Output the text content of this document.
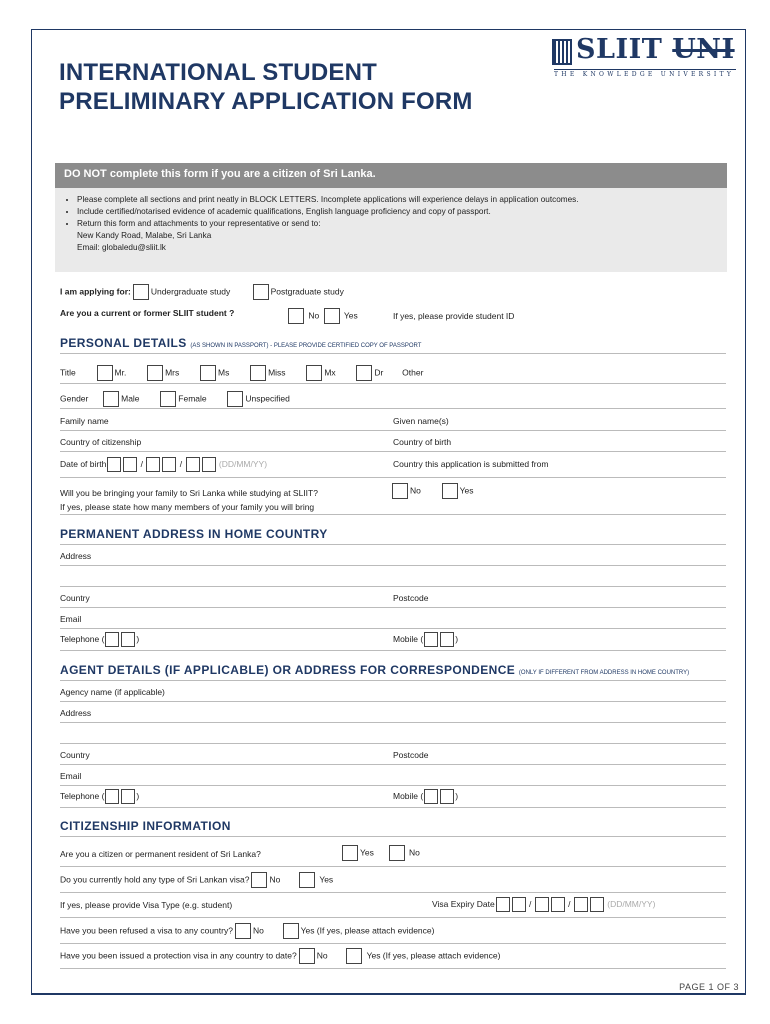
INTERNATIONAL STUDENT
PRELIMINARY APPLICATION FORM
SLIIT UNI
THE KNOWLEDGE UNIVERSITY
DO NOT complete this form if you are a citizen of Sri Lanka.
• Please complete all sections and print neatly in BLOCK LETTERS. Incomplete applications will experience delays in application outcomes.
• Include certified/notarised evidence of academic qualifications, English language proficiency and copy of passport.
• Return this form and attachments to your representative or send to:
New Kandy Road, Malabe, Sri Lanka
Email: globaledu@sliit.lk
I am applying for: Undergraduate study	Postgraduate study
Are you a current or former SLIIT student ?	No	Yes	If yes, please provide student ID
PERSONAL DETAILS (AS SHOWN IN PASSPORT) - PLEASE PROVIDE CERTIFIED COPY OF PASSPORT
Title	Mr.	Mrs	Ms	Miss	Mx	Dr Other
Gender	Male	Female	Unspecified
Family name	Given name(s)
Country of citizenship	Country of birth
Date of birth	/	/	(DD/MM/YY)	Country this application is submitted from
Will you be bringing your family to Sri Lanka while studying at SLIIT?
If yes, please state how many members of your family you will bring
No	Yes
PERMANENT ADDRESS IN HOME COUNTRY
Address
Country	Postcode
Email
Telephone (	)	Mobile (	)
AGENT DETAILS (IF APPLICABLE) OR ADDRESS FOR CORRESPONDENCE (ONLY IF DIFFERENT FROM ADDRESS IN HOME COUNTRY)
Agency name (if applicable)
Address
Country	Postcode
Email
Telephone (	)	Mobile (	)
CITIZENSHIP INFORMATION
Are you a citizen or permanent resident of Sri Lanka?	Yes	No
Do you currently hold any type of Sri Lankan visa? No	Yes
If yes, please provide Visa Type (e.g. student)	Visa Expiry Date	/	/	(DD/MM/YY)
Have you been refused a visa to any country? No	Yes (If yes, please attach evidence)
Have you been issued a protection visa in any country to date? No	Yes (If yes, please attach evidence)
PAGE 1 OF 3
